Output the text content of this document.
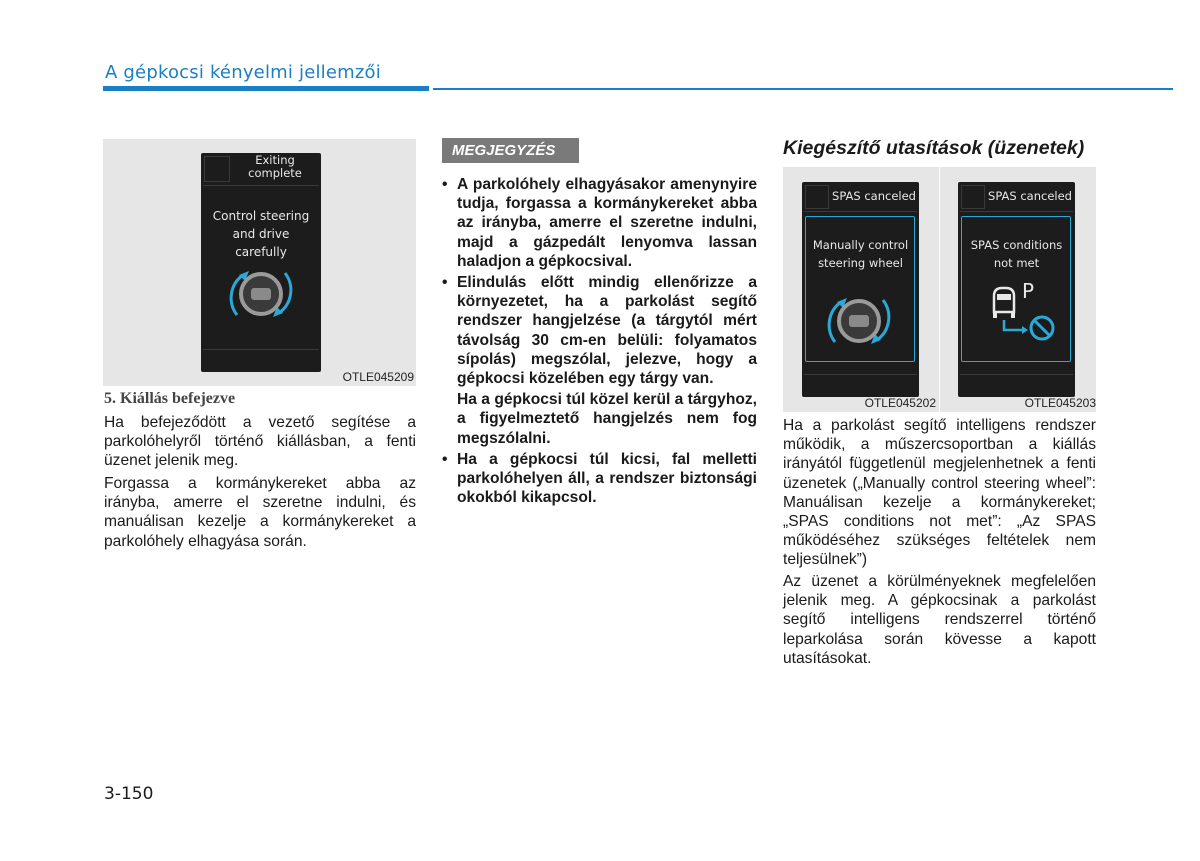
A gépkocsi kényelmi jellemzői
Exiting complete
Control steering
and drive
carefully
OTLE045209
5. Kiállás befejezve

Ha befejeződött a vezető segítése a parkolóhelyről történő kiállásban, a fenti üzenet jelenik meg.

Forgassa a kormánykereket abba az irányba, amerre el szeretne indulni, és manuálisan kezelje a kormánykereket a parkolóhely elhagyása során.

MEGJEGYZÉS
• A parkolóhely elhagyásakor amenynyire tudja, forgassa a kormánykereket abba az irányba, amerre el szeretne indulni, majd a gázpedált lenyomva lassan haladjon a gépkocsival.
• Elindulás előtt mindig ellenőrizze a környezetet, ha a parkolást segítő rendszer hangjelzése (a tárgytól mért távolság 30 cm-en belüli: folyamatos sípolás) megszólal, jelezve, hogy a gépkocsi közelében egy tárgy van.
Ha a gépkocsi túl közel kerül a tárgyhoz, a figyelmeztető hangjelzés nem fog megszólalni.
• Ha a gépkocsi túl kicsi, fal melletti parkolóhelyen áll, a rendszer biztonsági okokból kikapcsol.
Kiegészítő utasítások (üzenetek)
SPAS canceled
Manually control
steering wheel
OTLE045202
SPAS canceled
SPAS conditions
not met
P
OTLE045203

Ha a parkolást segítő intelligens rendszer működik, a műszercsoportban a kiállás irányától függetlenül megjelenhetnek a fenti üzenetek („Manually control steering wheel”: Manuálisan kezelje a kormánykereket; „SPAS conditions not met”: „Az SPAS működéséhez szükséges feltételek nem teljesülnek”)

Az üzenet a körülményeknek megfelelően jelenik meg. A gépkocsinak a parkolást segítő intelligens rendszerrel történő leparkolása során kövesse a kapott utasításokat.

3-150
